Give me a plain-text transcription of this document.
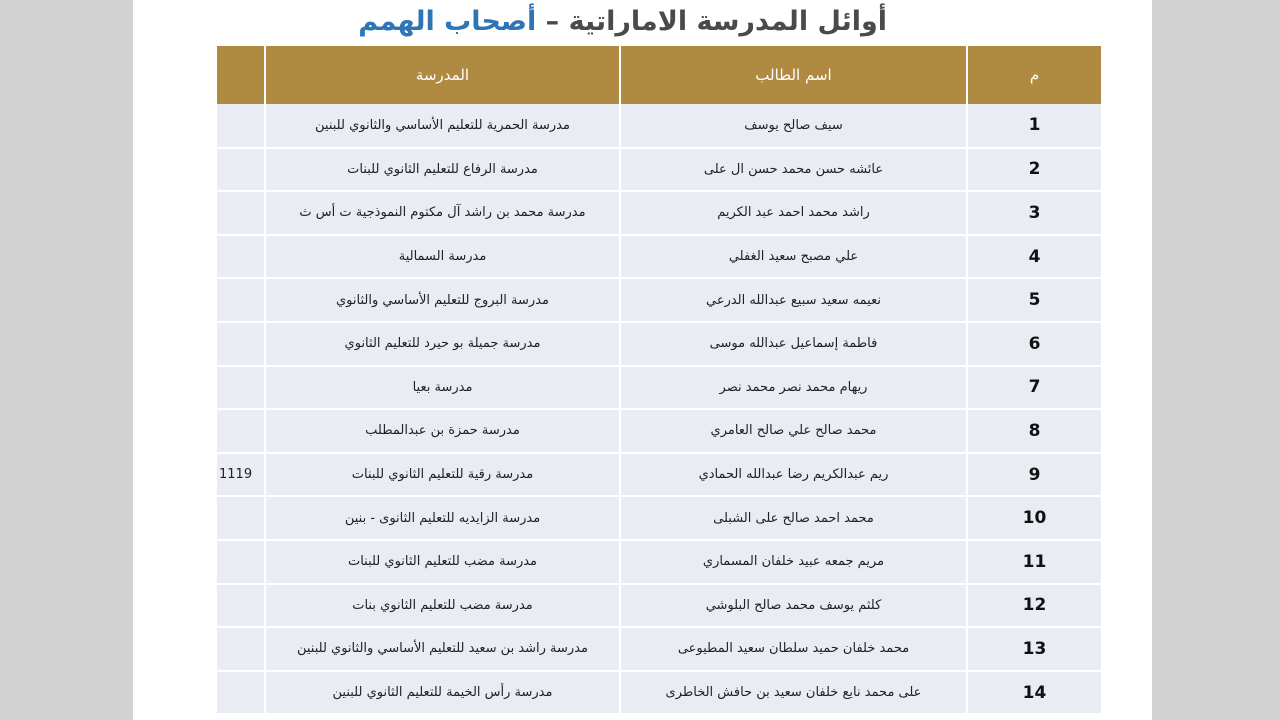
أوائل المدرسة الاماراتية – أصحاب الهمم
	المدرسة	اسم الطالب	م
	مدرسة الحمرية للتعليم الأساسي والثانوي للبنين	سيف صالح يوسف	1
	مدرسة الرفاع للتعليم الثانوي للبنات	عائشه حسن محمد حسن ال على	2
	مدرسة محمد بن راشد آل مكتوم النموذجية ت أس ث	راشد محمد احمد عبد الكريم	3
	مدرسة السمالية	علي مصبح سعيد الغفلي	4
	مدرسة البروج للتعليم الأساسي والثانوي	نعيمه سعيد سبيع عبدالله الدرعي	5
	مدرسة جميلة بو حيرد للتعليم الثانوي	فاطمة إسماعيل عبدالله موسى	6
	مدرسة بعيا	ريهام محمد نصر محمد نصر	7
	مدرسة حمزة بن عبدالمطلب	محمد صالح علي صالح العامري	8
1119	مدرسة رقية للتعليم الثانوي للبنات	ريم عبدالكريم رضا عبدالله الحمادي	9
	مدرسة الزايديه للتعليم الثانوى - بنين	محمد احمد صالح على الشبلى	10
	مدرسة مضب للتعليم الثانوي للبنات	مريم جمعه عبيد خلفان المسماري	11
	مدرسة مضب للتعليم الثانوي بنات	كلثم يوسف محمد صالح البلوشي	12
	مدرسة راشد بن سعيد للتعليم الأساسي والثانوي للبنين	محمد خلفان حميد سلطان سعيد المطيوعى	13
	مدرسة رأس الخيمة للتعليم الثانوي للبنين	على محمد نايع خلفان سعيد بن حافش الخاطرى	14
